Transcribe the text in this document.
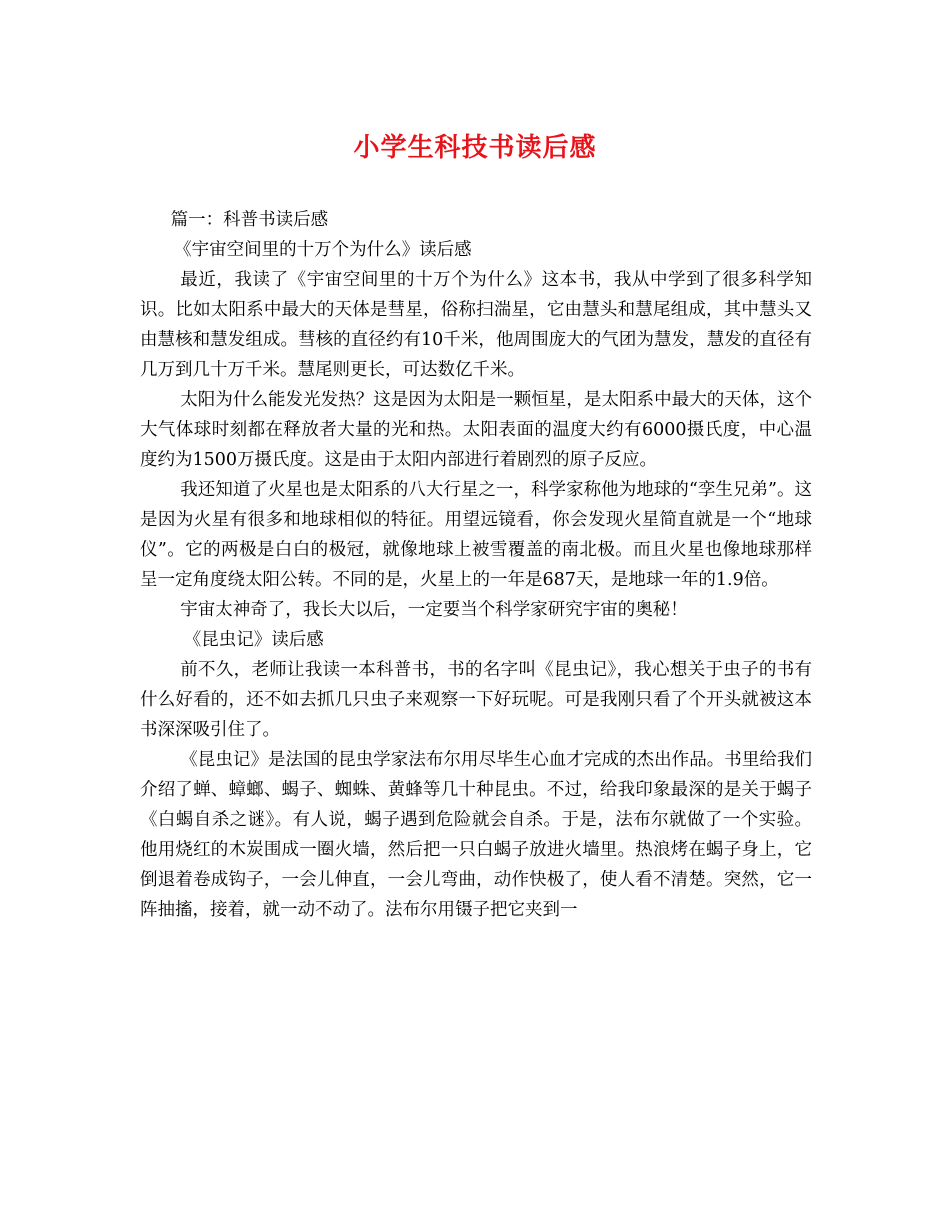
小学生科技书读后感

篇一：科普书读后感

《宇宙空间里的十万个为什么》读后感

最近，我读了《宇宙空间里的十万个为什么》这本书，我从中学到了很多科学知识。比如太阳系中最大的天体是彗星，俗称扫湍星，它由慧头和慧尾组成，其中慧头又由慧核和慧发组成。彗核的直径约有10千米，他周围庞大的气团为慧发，慧发的直径有几万到几十万千米。慧尾则更长，可达数亿千米。

太阳为什么能发光发热？这是因为太阳是一颗恒星，是太阳系中最大的天体，这个大气体球时刻都在释放者大量的光和热。太阳表面的温度大约有6000摄氏度，中心温度约为1500万摄氏度。这是由于太阳内部进行着剧烈的原子反应。

我还知道了火星也是太阳系的八大行星之一，科学家称他为地球的“孪生兄弟”。这是因为火星有很多和地球相似的特征。用望远镜看，你会发现火星简直就是一个“地球仪”。它的两极是白白的极冠，就像地球上被雪覆盖的南北极。而且火星也像地球那样呈一定角度绕太阳公转。不同的是，火星上的一年是687天，是地球一年的1.9倍。

宇宙太神奇了，我长大以后，一定要当个科学家研究宇宙的奥秘！

《昆虫记》读后感

前不久，老师让我读一本科普书，书的名字叫《昆虫记》，我心想关于虫子的书有什么好看的，还不如去抓几只虫子来观察一下好玩呢。可是我刚只看了个开头就被这本书深深吸引住了。

《昆虫记》是法国的昆虫学家法布尔用尽毕生心血才完成的杰出作品。书里给我们介绍了蝉、蟑螂、蝎子、蜘蛛、黄蜂等几十种昆虫。不过，给我印象最深的是关于蝎子《白蝎自杀之谜》。有人说，蝎子遇到危险就会自杀。于是，法布尔就做了一个实验。他用烧红的木炭围成一圈火墙，然后把一只白蝎子放进火墙里。热浪烤在蝎子身上，它倒退着卷成钩子，一会儿伸直，一会儿弯曲，动作快极了，使人看不清楚。突然，它一阵抽搐，接着，就一动不动了。法布尔用镊子把它夹到一
